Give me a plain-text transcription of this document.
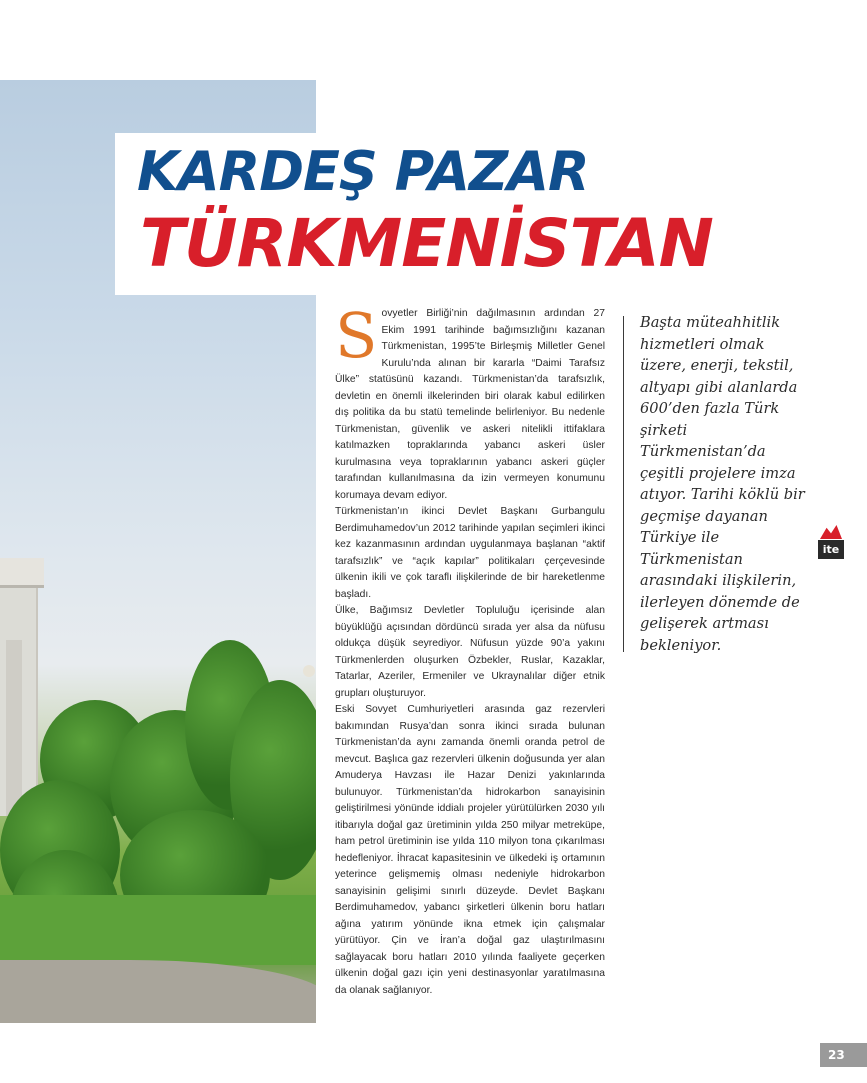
KARDEŞ PAZAR
TÜRKMENİSTAN

Sovyetler Birliği’nin dağılmasının ardından 27 Ekim 1991 tarihinde bağımsızlığını kazanan Türkmenistan, 1995’te Birleşmiş Milletler Genel Kurulu’nda alınan bir kararla “Daimi Tarafsız Ülke” statüsünü kazandı. Türkmenistan’da tarafsızlık, devletin en önemli ilkelerinden biri olarak kabul edilirken dış politika da bu statü temelinde belirleniyor. Bu nedenle Türkmenistan, güvenlik ve askeri nitelikli ittifaklara katılmazken topraklarında yabancı askeri üsler kurulmasına veya topraklarının yabancı askeri güçler tarafından kullanılmasına da izin vermeyen konumunu korumaya devam ediyor.

Türkmenistan’ın ikinci Devlet Başkanı Gurbangulu Berdimuhamedov’un 2012 tarihinde yapılan seçimleri ikinci kez kazanmasının ardından uygulanmaya başlanan “aktif tarafsızlık” ve “açık kapılar” politikaları çerçevesinde ülkenin ikili ve çok taraflı ilişkilerinde de bir hareketlenme başladı.

Ülke, Bağımsız Devletler Topluluğu içerisinde alan büyüklüğü açısından dördüncü sırada yer alsa da nüfusu oldukça düşük seyrediyor. Nüfusun yüzde 90’a yakını Türkmenlerden oluşurken Özbekler, Ruslar, Kazaklar, Tatarlar, Azeriler, Ermeniler ve Ukraynalılar diğer etnik grupları oluşturuyor.

Eski Sovyet Cumhuriyetleri arasında gaz rezervleri bakımından Rusya’dan sonra ikinci sırada bulunan Türkmenistan’da aynı zamanda önemli oranda petrol de mevcut. Başlıca gaz rezervleri ülkenin doğusunda yer alan Amuderya Havzası ile Hazar Denizi yakınlarında bulunuyor. Türkmenistan’da hidrokarbon sanayisinin geliştirilmesi yönünde iddialı projeler yürütülürken 2030 yılı itibarıyla doğal gaz üretiminin yılda 250 milyar metreküpe, ham petrol üretiminin ise yılda 110 milyon tona çıkarılması hedefleniyor. İhracat kapasitesinin ve ülkedeki iş ortamının yeterince gelişmemiş olması nedeniyle hidrokarbon sanayisinin gelişimi sınırlı düzeyde. Devlet Başkanı Berdimuhamedov, yabancı şirketleri ülkenin boru hatları ağına yatırım yönünde ikna etmek için çalışmalar yürütüyor. Çin ve İran’a doğal gaz ulaştırılmasını sağlayacak boru hatları 2010 yılında faaliyete geçerken ülkenin doğal gazı için yeni destinasyonlar yaratılmasına da olanak sağlanıyor.

Başta müteahhitlik hizmetleri olmak üzere, enerji, tekstil, altyapı gibi alanlarda 600’den fazla Türk şirketi Türkmenistan’da çeşitli projelere imza atıyor. Tarihi köklü bir geçmişe dayanan Türkiye ile Türkmenistan arasındaki ilişkilerin, ilerleyen dönemde de gelişerek artması bekleniyor.
ite
23
